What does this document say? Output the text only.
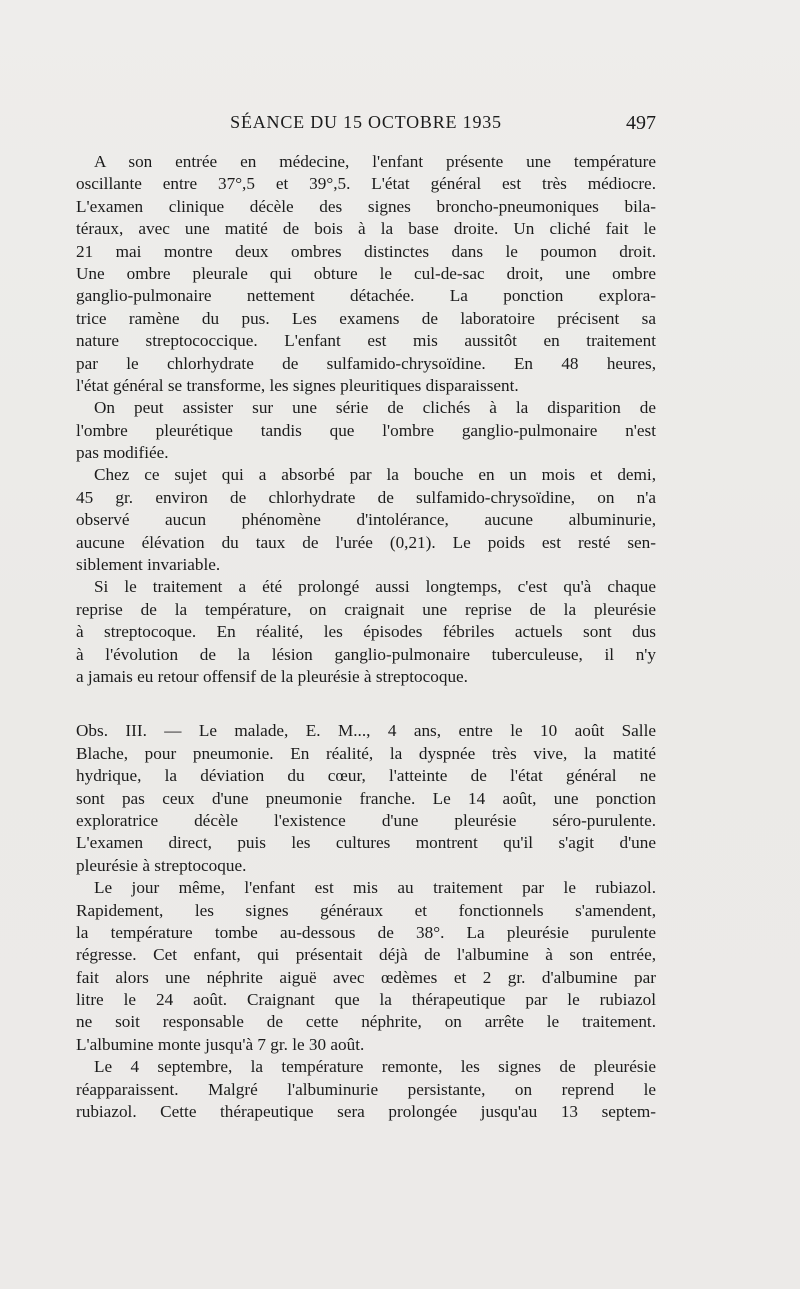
SÉANCE DU 15 OCTOBRE 1935	497
A son entrée en médecine, l'enfant présente une température
oscillante entre 37°,5 et 39°,5. L'état général est très médiocre.
L'examen clinique décèle des signes broncho-pneumoniques bila-
téraux, avec une matité de bois à la base droite. Un cliché fait le
21 mai montre deux ombres distinctes dans le poumon droit.
Une ombre pleurale qui obture le cul-de-sac droit, une ombre
ganglio-pulmonaire nettement détachée. La ponction explora-
trice ramène du pus. Les examens de laboratoire précisent sa
nature streptococcique. L'enfant est mis aussitôt en traitement
par le chlorhydrate de sulfamido-chrysoïdine. En 48 heures,
l'état général se transforme, les signes pleuritiques disparaissent.
On peut assister sur une série de clichés à la disparition de
l'ombre pleurétique tandis que l'ombre ganglio-pulmonaire n'est
pas modifiée.
Chez ce sujet qui a absorbé par la bouche en un mois et demi,
45 gr. environ de chlorhydrate de sulfamido-chrysoïdine, on n'a
observé aucun phénomène d'intolérance, aucune albuminurie,
aucune élévation du taux de l'urée (0,21). Le poids est resté sen-
siblement invariable.
Si le traitement a été prolongé aussi longtemps, c'est qu'à chaque
reprise de la température, on craignait une reprise de la pleurésie
à streptocoque. En réalité, les épisodes fébriles actuels sont dus
à l'évolution de la lésion ganglio-pulmonaire tuberculeuse, il n'y
a jamais eu retour offensif de la pleurésie à streptocoque.
Obs. III. — Le malade, E. M..., 4 ans, entre le 10 août Salle
Blache, pour pneumonie. En réalité, la dyspnée très vive, la matité
hydrique, la déviation du cœur, l'atteinte de l'état général ne
sont pas ceux d'une pneumonie franche. Le 14 août, une ponction
exploratrice décèle l'existence d'une pleurésie séro-purulente.
L'examen direct, puis les cultures montrent qu'il s'agit d'une
pleurésie à streptocoque.
Le jour même, l'enfant est mis au traitement par le rubiazol.
Rapidement, les signes généraux et fonctionnels s'amendent,
la température tombe au-dessous de 38°. La pleurésie purulente
régresse. Cet enfant, qui présentait déjà de l'albumine à son entrée,
fait alors une néphrite aiguë avec œdèmes et 2 gr. d'albumine par
litre le 24 août. Craignant que la thérapeutique par le rubiazol
ne soit responsable de cette néphrite, on arrête le traitement.
L'albumine monte jusqu'à 7 gr. le 30 août.
Le 4 septembre, la température remonte, les signes de pleurésie
réapparaissent. Malgré l'albuminurie persistante, on reprend le
rubiazol. Cette thérapeutique sera prolongée jusqu'au 13 septem-
